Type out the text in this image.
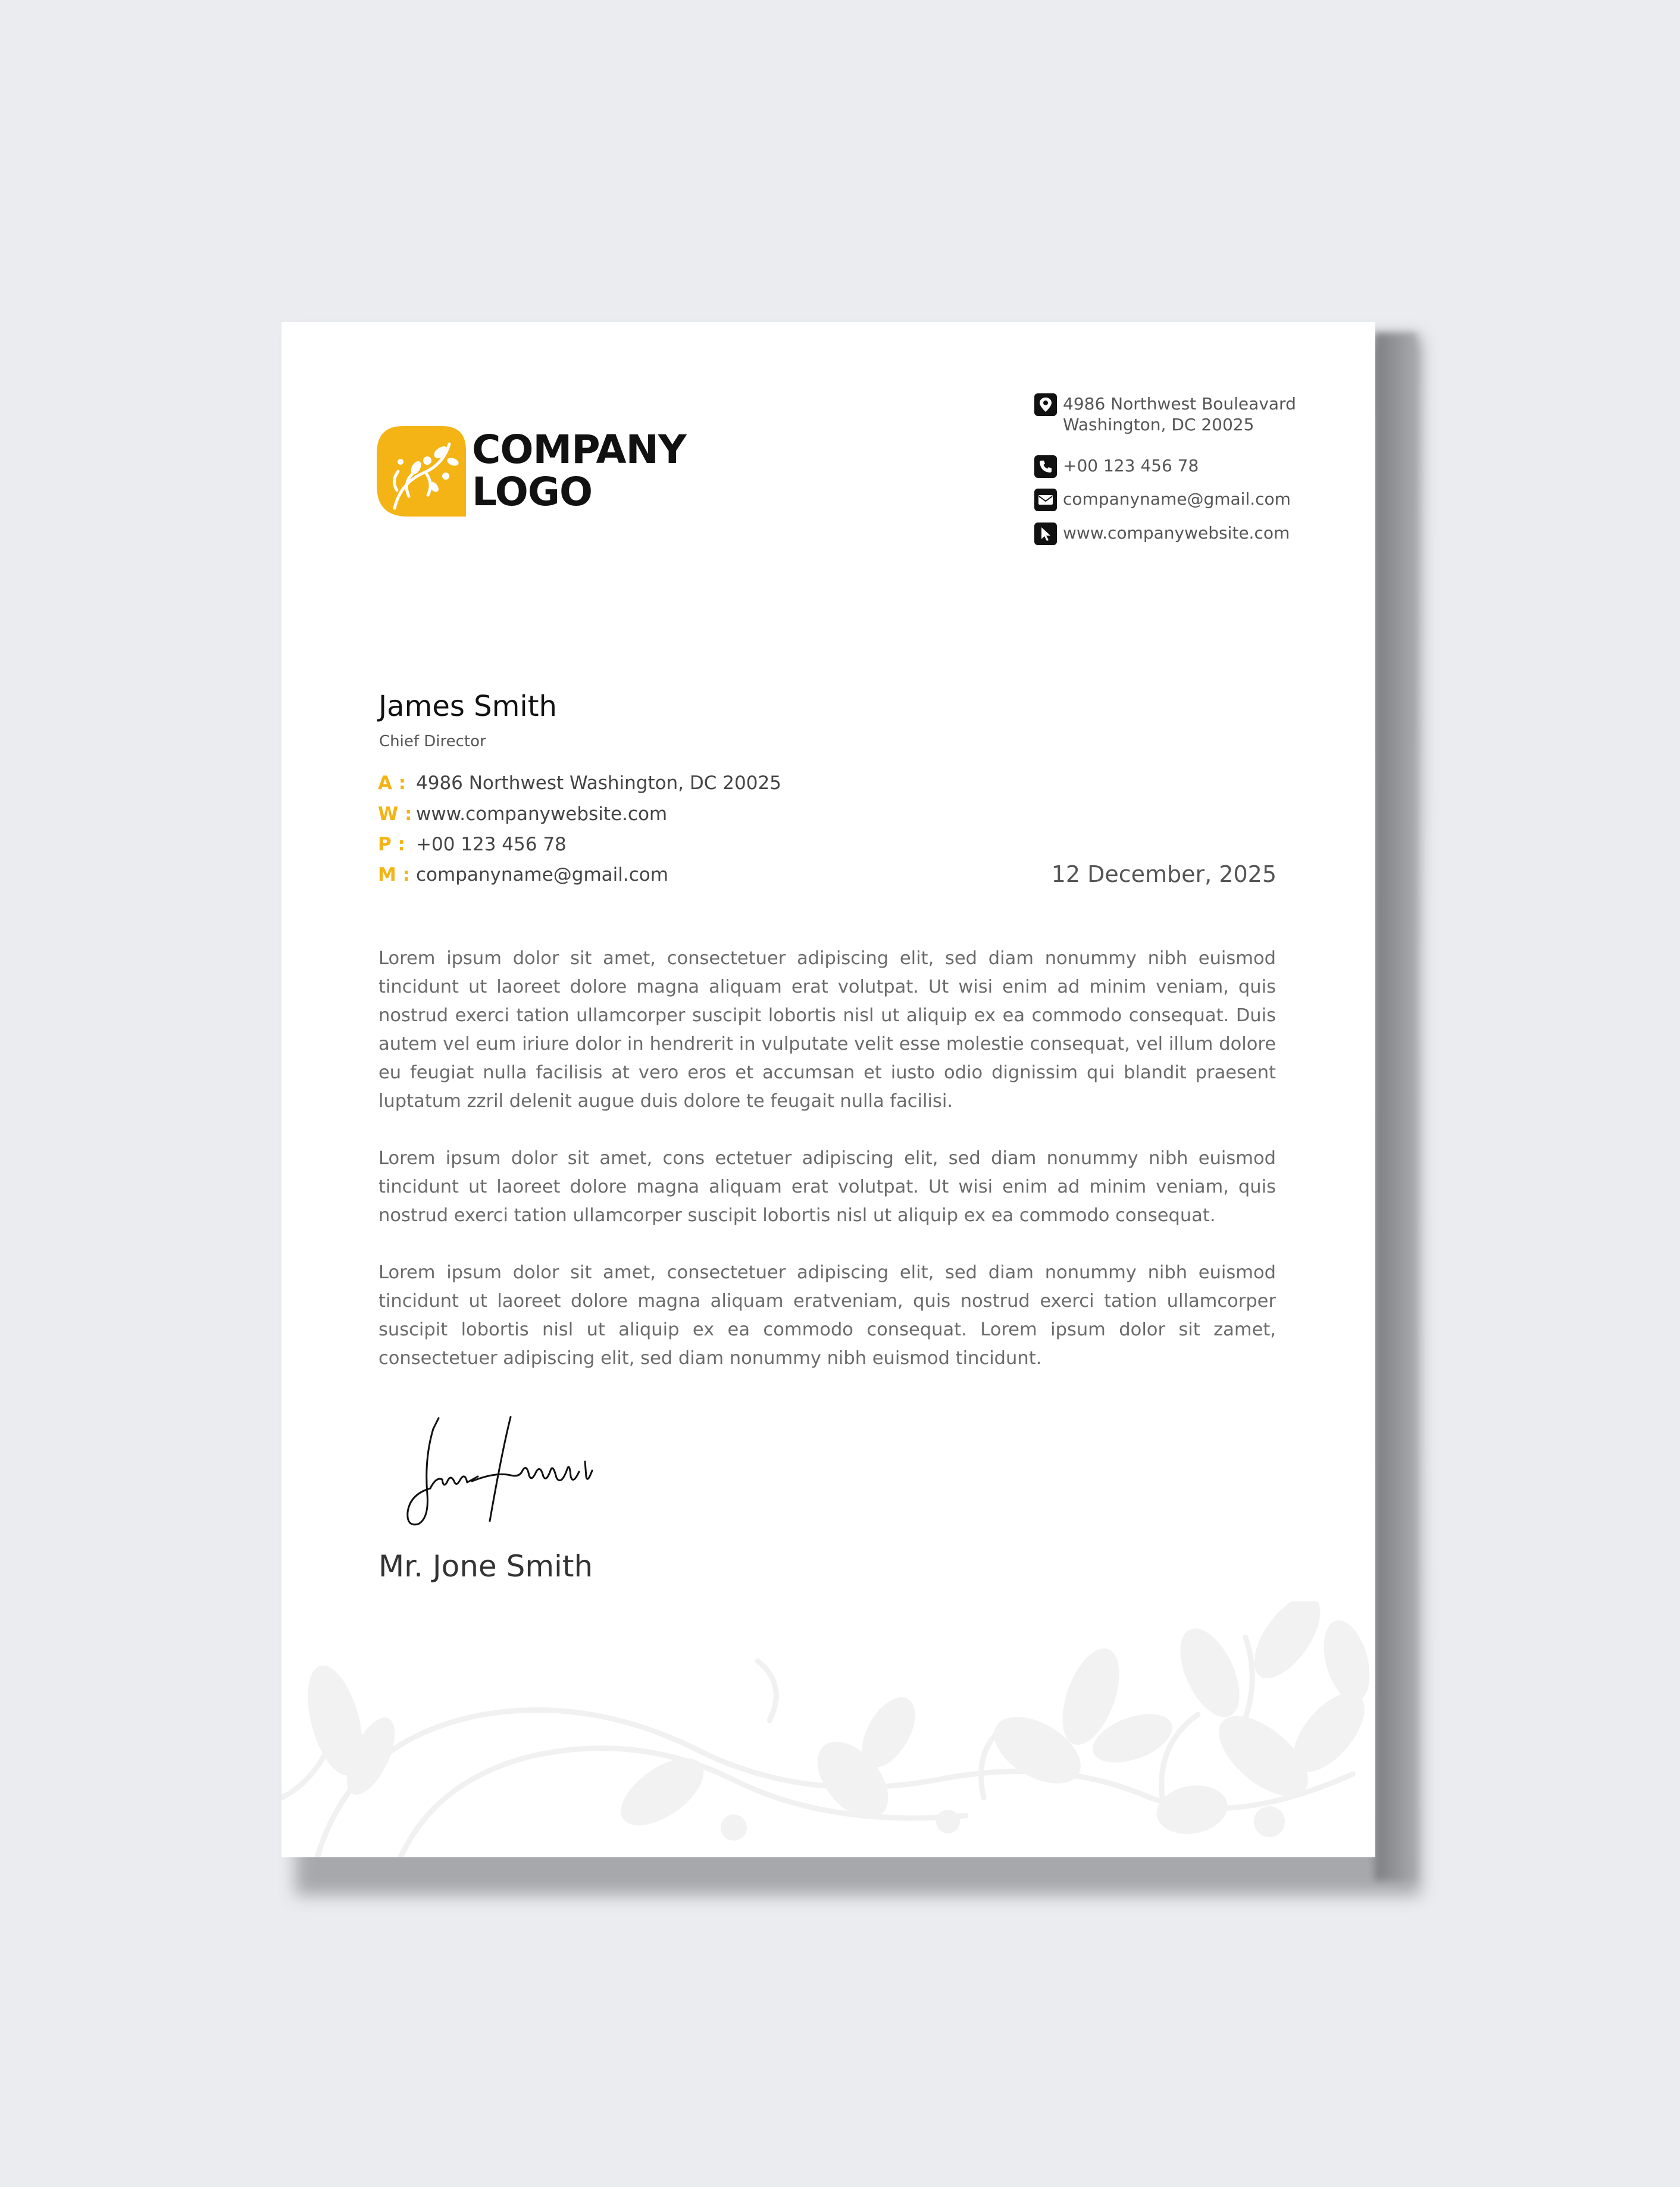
COMPANY
LOGO
4986 Northwest Bouleavard
Washington, DC 20025
+00 123 456 78
companyname@gmail.com
www.companywebsite.com
James Smith
Chief Director
A : 4986 Northwest Washington, DC 20025
W : www.companywebsite.com
P : +00 123 456 78
M : companyname@gmail.com	12 December, 2025

Lorem ipsum dolor sit amet, consectetuer adipiscing elit, sed diam nonummy nibh euismod tincidunt ut laoreet dolore magna aliquam erat volutpat. Ut wisi enim ad minim veniam, quis nostrud exerci tation ullamcorper suscipit lobortis nisl ut aliquip ex ea commodo consequat. Duis autem vel eum iriure dolor in hendrerit in vulputate velit esse molestie consequat, vel illum dolore eu feugiat nulla facilisis at vero eros et accumsan et iusto odio dignissim qui blandit praesent luptatum zzril delenit augue duis dolore te feugait nulla facilisi.

Lorem ipsum dolor sit amet, cons ectetuer adipiscing elit, sed diam nonummy nibh euismod tincidunt ut laoreet dolore magna aliquam erat volutpat. Ut wisi enim ad minim veniam, quis nostrud exerci tation ullamcorper suscipit lobortis nisl ut aliquip ex ea commodo consequat.

Lorem ipsum dolor sit amet, consectetuer adipiscing elit, sed diam nonummy nibh euismod tincidunt ut laoreet dolore magna aliquam eratveniam, quis nostrud exerci tation ullamcorper suscipit lobortis nisl ut aliquip ex ea commodo consequat. Lorem ipsum dolor sit zamet, consectetuer adipiscing elit, sed diam nonummy nibh euismod tincidunt.

Mr. Jone Smith
